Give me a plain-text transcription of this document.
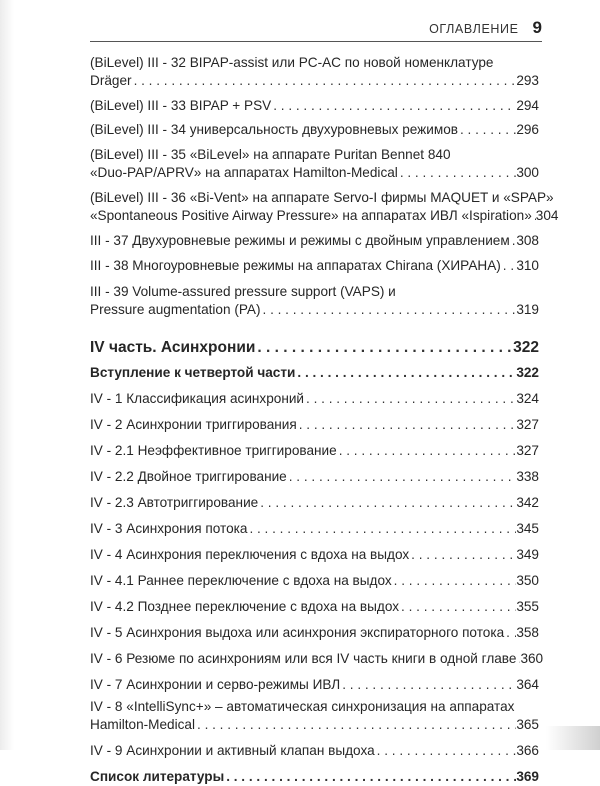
ОГЛАВЛЕНИЕ 9
(BiLevel) III - 32 BIPAP-assist или PC-AC по новой номенклатуре
Dräger . . .	293
(BiLevel) III - 33 BIPAP + PSV . . .	294
(BiLevel) III - 34 универсальность двухуровневых режимов . . .	296
(BiLevel) III - 35 «BiLevel» на аппарате Puritan Bennet 840
«Duo-PAP/APRV» на аппаратах Hamilton-Medical . . .	300
(BiLevel) III - 36 «Bi-Vent» на аппарате Servo-I фирмы MAQUET и «SPAP»
«Spontaneous Positive Airway Pressure» на аппаратах ИВЛ «Ispiration» . . . 304
III - 37 Двухуровневые режимы и режимы с двойным управлением . . . 308
III - 38 Многоуровневые режимы на аппаратах Chirana (ХИРАНА) . . . 310
III - 39 Volume-assured pressure support (VAPS) и
Pressure augmentation (PA) . . .	319
IV часть. Асинхронии . . .	322
Вступление к четвертой части . . .	322
IV - 1 Классификация асинхроний . . .	324
IV - 2 Асинхронии триггирования . . .	327
IV - 2.1 Неэффективное триггирование . . .	327
IV - 2.2 Двойное триггирование . . .	338
IV - 2.3 Автотриггирование . . .	342
IV - 3 Асинхрония потока . . .	345
IV - 4 Асинхрония переключения с вдоха на выдох . . .	349
IV - 4.1 Раннее переключение с вдоха на выдох . . .	350
IV - 4.2 Позднее переключение с вдоха на выдох . . .	355
IV - 5 Асинхрония выдоха или асинхрония экспираторного потока . . . 358
IV - 6 Резюме по асинхрониям или вся IV часть книги в одной главе . . . 360
IV - 7 Асинхронии и серво-режимы ИВЛ . . .	364
IV - 8 «IntelliSync+» – автоматическая синхронизация на аппаратах
Hamilton-Medical . . .	365
IV - 9 Асинхронии и активный клапан выдоха . . .	366
Список литературы . . .	369
